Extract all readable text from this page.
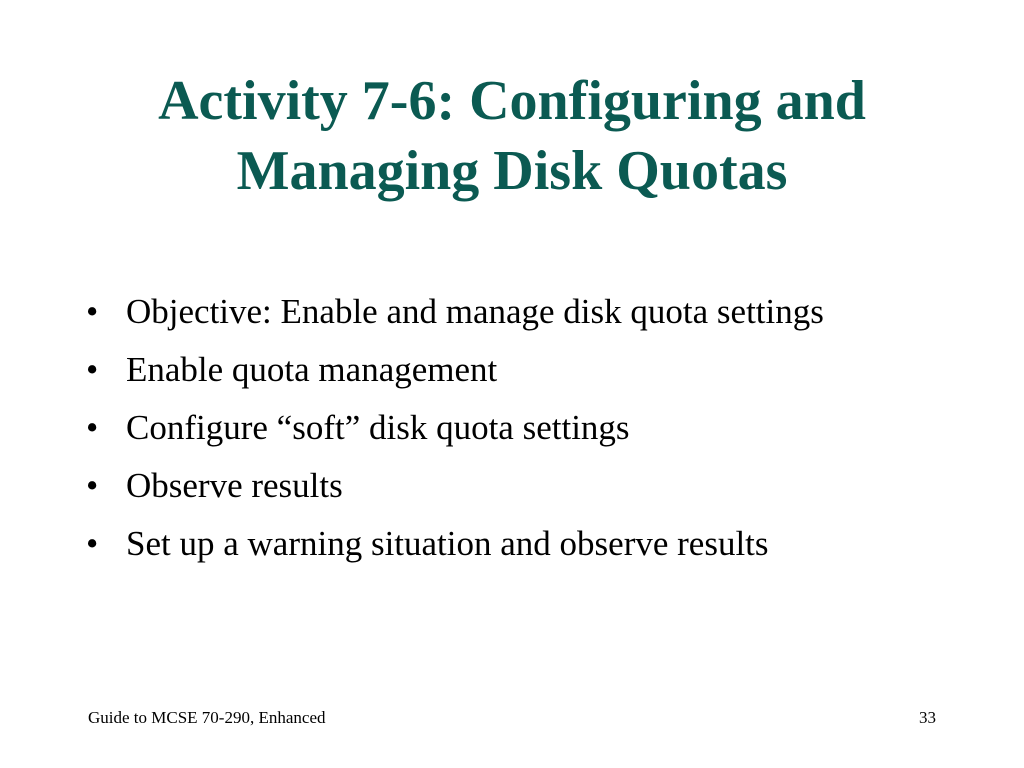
Activity 7-6: Configuring and
Managing Disk Quotas
• Objective: Enable and manage disk quota settings
• Enable quota management
• Configure “soft” disk quota settings
• Observe results
• Set up a warning situation and observe results
Guide to MCSE 70-290, Enhanced	33
